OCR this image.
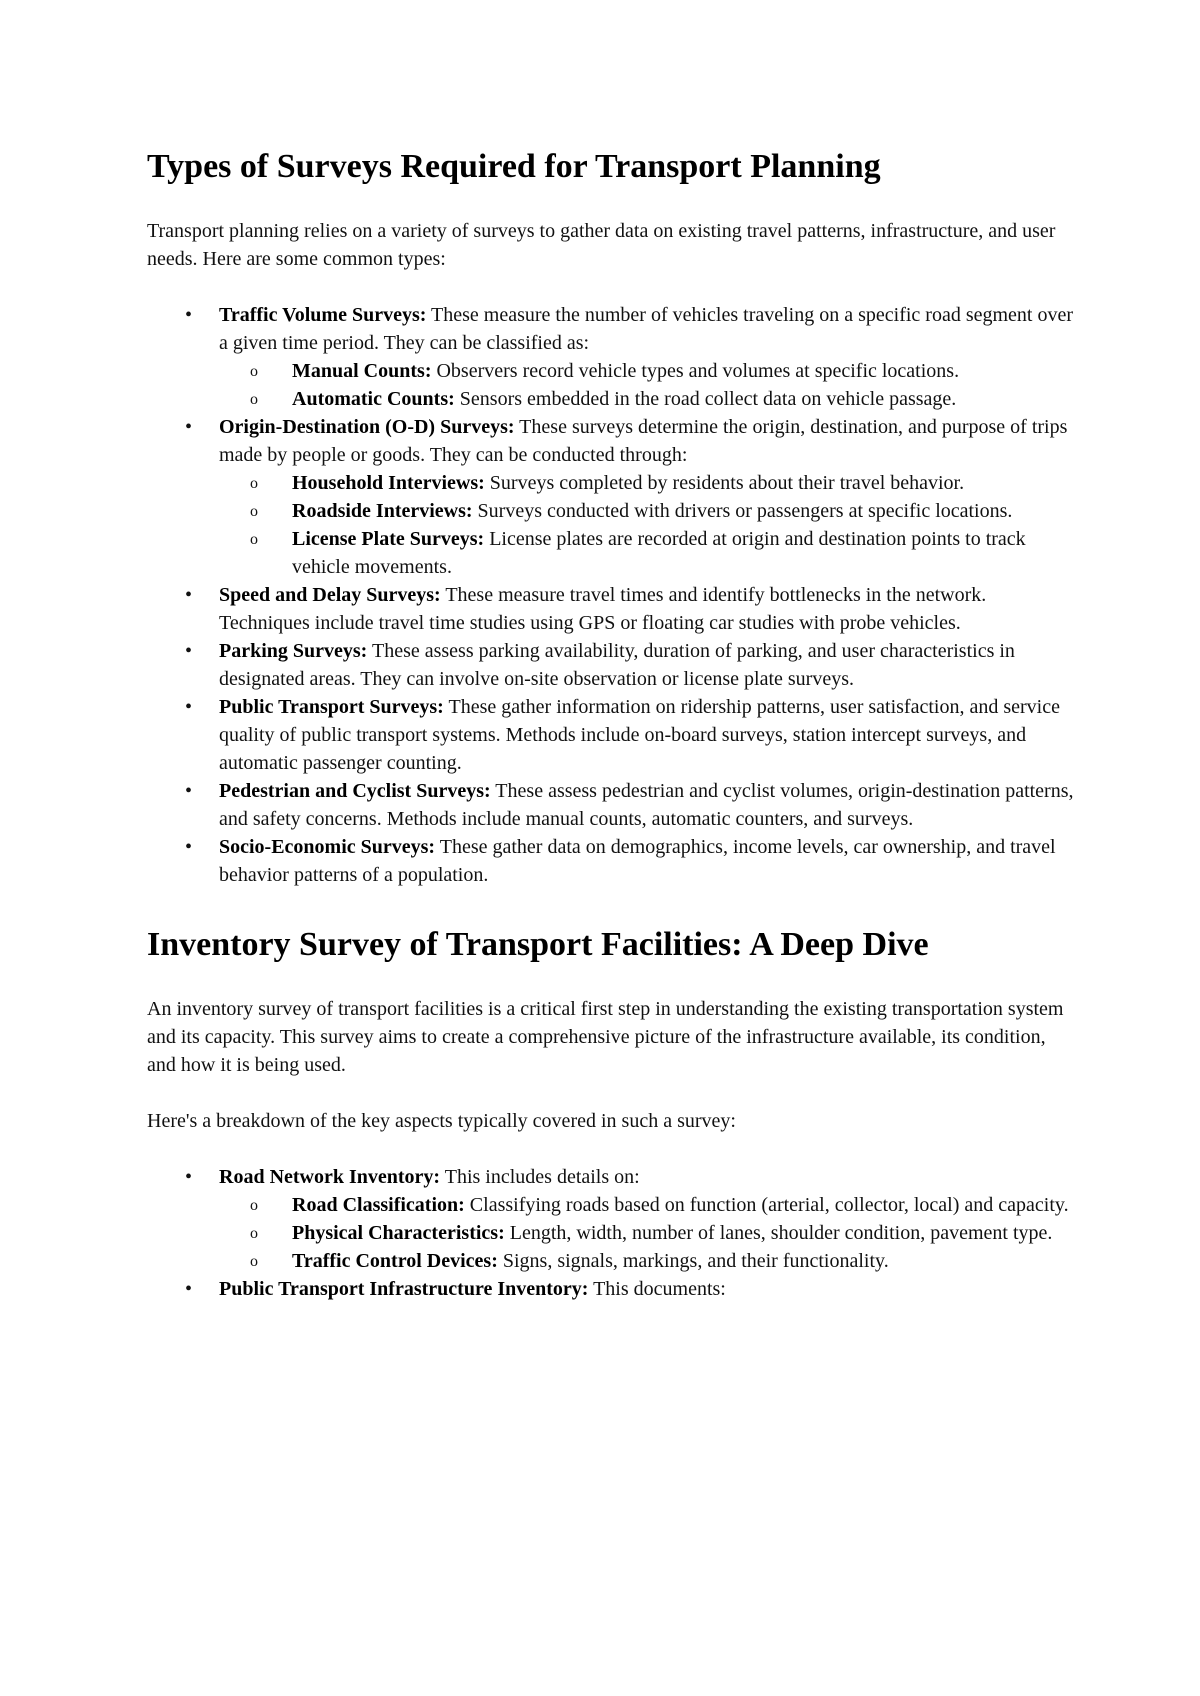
Types of Surveys Required for Transport Planning

Transport planning relies on a variety of surveys to gather data on existing travel patterns, infrastructure, and user needs. Here are some common types:

• Traffic Volume Surveys: These measure the number of vehicles traveling on a specific road segment over a given time period. They can be classified as:
o Manual Counts: Observers record vehicle types and volumes at specific locations.
o Automatic Counts: Sensors embedded in the road collect data on vehicle passage.
• Origin-Destination (O-D) Surveys: These surveys determine the origin, destination, and purpose of trips made by people or goods. They can be conducted through:
o Household Interviews: Surveys completed by residents about their travel behavior.
o Roadside Interviews: Surveys conducted with drivers or passengers at specific locations.
o License Plate Surveys: License plates are recorded at origin and destination points to track vehicle movements.
• Speed and Delay Surveys: These measure travel times and identify bottlenecks in the network. Techniques include travel time studies using GPS or floating car studies with probe vehicles.
• Parking Surveys: These assess parking availability, duration of parking, and user characteristics in designated areas. They can involve on-site observation or license plate surveys.
• Public Transport Surveys: These gather information on ridership patterns, user satisfaction, and service quality of public transport systems. Methods include on-board surveys, station intercept surveys, and automatic passenger counting.
• Pedestrian and Cyclist Surveys: These assess pedestrian and cyclist volumes, origin-destination patterns, and safety concerns. Methods include manual counts, automatic counters, and surveys.
• Socio-Economic Surveys: These gather data on demographics, income levels, car ownership, and travel behavior patterns of a population.
Inventory Survey of Transport Facilities: A Deep Dive

An inventory survey of transport facilities is a critical first step in understanding the existing transportation system and its capacity. This survey aims to create a comprehensive picture of the infrastructure available, its condition, and how it is being used.

Here's a breakdown of the key aspects typically covered in such a survey:

• Road Network Inventory: This includes details on:
o Road Classification: Classifying roads based on function (arterial, collector, local) and capacity.
o Physical Characteristics: Length, width, number of lanes, shoulder condition, pavement type.
o Traffic Control Devices: Signs, signals, markings, and their functionality.
• Public Transport Infrastructure Inventory: This documents:
